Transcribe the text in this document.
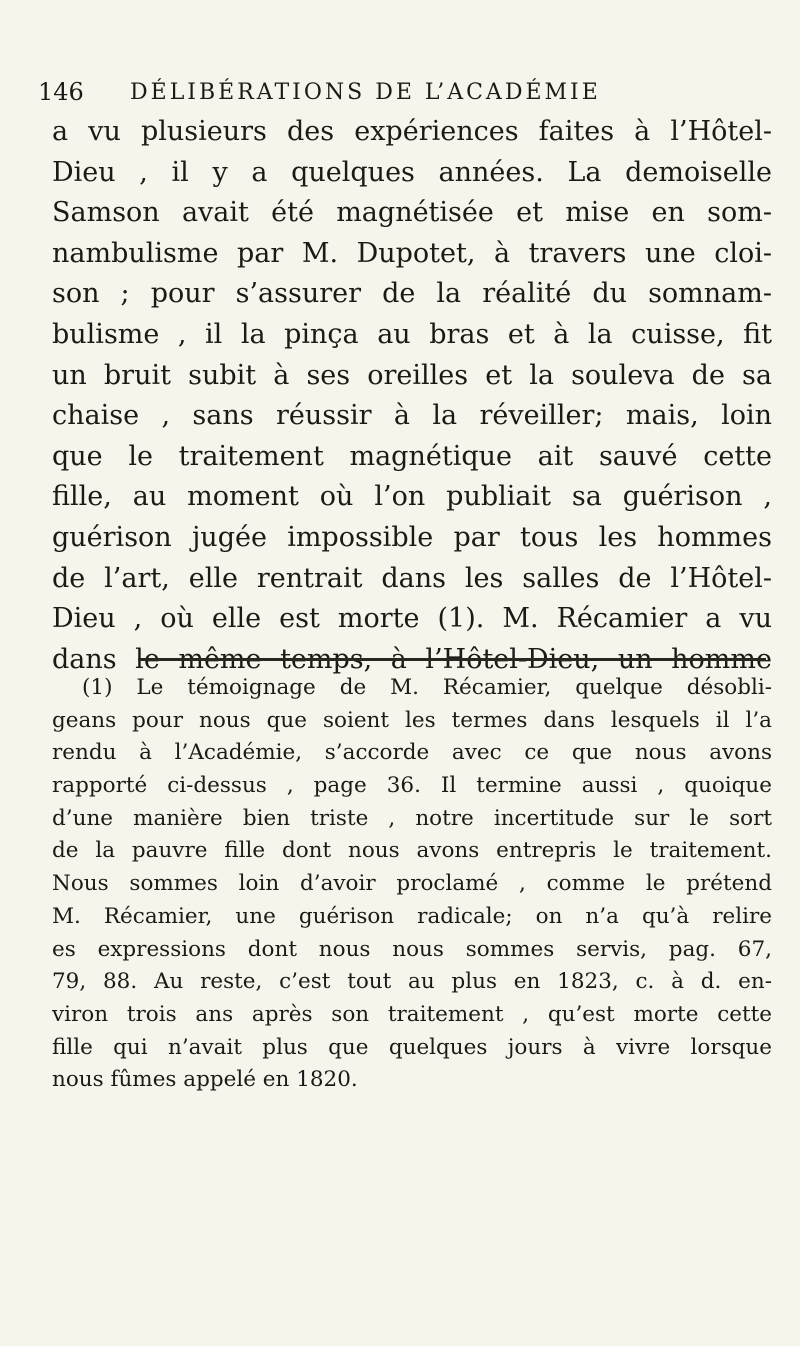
146 DÉLIBÉRATIONS DE L’ACADÉMIE
a vu plusieurs des expériences faites à l’Hôtel-
Dieu , il y a quelques années. La demoiselle
Samson avait été magnétisée et mise en som-
nambulisme par M. Dupotet, à travers une cloi-
son ; pour s’assurer de la réalité du somnam-
bulisme , il la pinça au bras et à la cuisse, fit
un bruit subit à ses oreilles et la souleva de sa
chaise , sans réussir à la réveiller; mais, loin
que le traitement magnétique ait sauvé cette
fille, au moment où l’on publiait sa guérison ,
guérison jugée impossible par tous les hommes
de l’art, elle rentrait dans les salles de l’Hôtel-
Dieu , où elle est morte (1). M. Récamier a vu
dans le même temps, à l’Hôtel-Dieu, un homme
(1) Le témoignage de M. Récamier, quelque désobli-
geans pour nous que soient les termes dans lesquels il l’a
rendu à l’Académie, s’accorde avec ce que nous avons
rapporté ci-dessus , page 36. Il termine aussi , quoique
d’une manière bien triste , notre incertitude sur le sort
de la pauvre fille dont nous avons entrepris le traitement.
Nous sommes loin d’avoir proclamé , comme le prétend
M. Récamier, une guérison radicale; on n’a qu’à relire
es expressions dont nous nous sommes servis, pag. 67,
79, 88. Au reste, c’est tout au plus en 1823, c. à d. en-
viron trois ans après son traitement , qu’est morte cette
fille qui n’avait plus que quelques jours à vivre lorsque
nous fûmes appelé en 1820.
